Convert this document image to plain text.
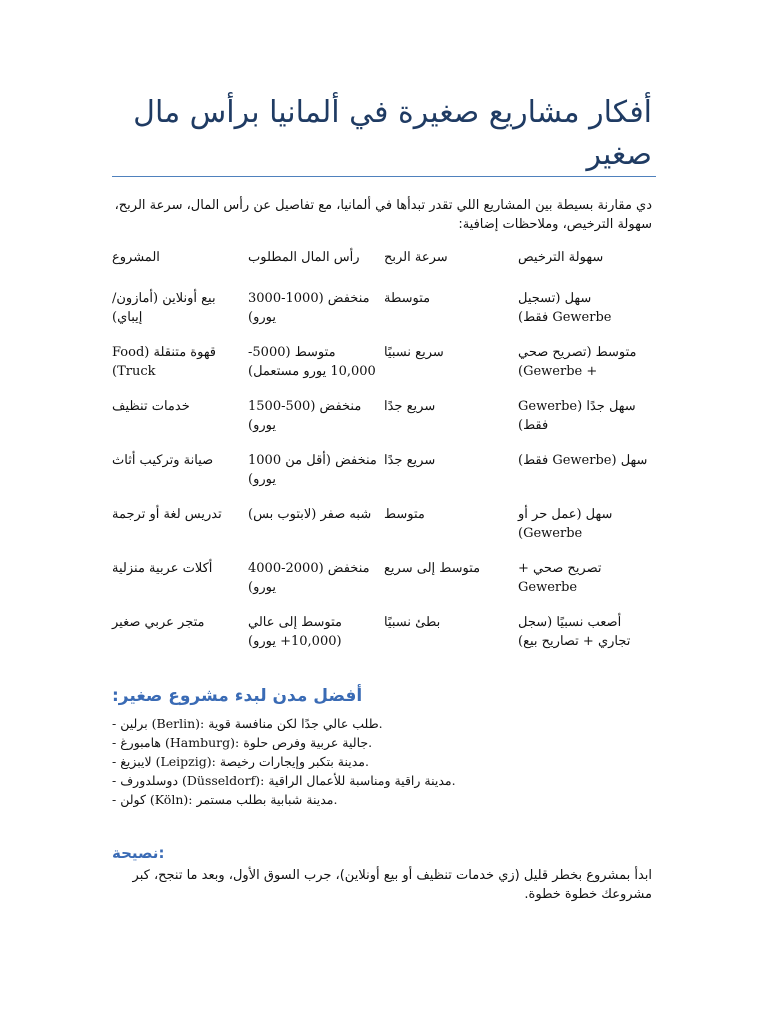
أفكار مشاريع صغيرة في ألمانيا برأس مال صغير

دي مقارنة بسيطة بين المشاريع اللي تقدر تبدأها في ألمانيا، مع تفاصيل عن رأس المال، سرعة الربح، سهولة الترخيص، وملاحظات إضافية:

المشروع	رأس المال المطلوب	سرعة الربح	سهولة الترخيص
بيع أونلاين (أمازون/إيباي)	منخفض (1000-3000 يورو)	متوسطة	سهل (تسجيل Gewerbe فقط)
قهوة متنقلة (Food Truck)	متوسط (5000-10,000 يورو مستعمل)	سريع نسبيًا	متوسط (تصريح صحي + Gewerbe)
خدمات تنظيف	منخفض (500-1500 يورو)	سريع جدًا	سهل جدًا (Gewerbe فقط)
صيانة وتركيب أثاث	منخفض (أقل من 1000 يورو)	سريع جدًا	سهل (Gewerbe فقط)
تدريس لغة أو ترجمة	شبه صفر (لابتوب بس)	متوسط	سهل (عمل حر أو Gewerbe)
أكلات عربية منزلية	منخفض (2000-4000 يورو)	متوسط إلى سريع	تصريح صحي + Gewerbe
متجر عربي صغير	متوسط إلى عالي (10,000+ يورو)	بطئ نسبيًا	أصعب نسبيًا (سجل تجاري + تصاريح بيع)
أفضل مدن لبدء مشروع صغير:
- برلين (Berlin): طلب عالي جدًا لكن منافسة قوية.
- هامبورغ (Hamburg): جالية عربية وفرص حلوة.
- لايبزيغ (Leipzig): مدينة بتكبر وإيجارات رخيصة.
- دوسلدورف (Düsseldorf): مدينة راقية ومناسبة للأعمال الراقية.
- كولن (Köln): مدينة شبابية بطلب مستمر.
نصيحة:

ابدأ بمشروع بخطر قليل (زي خدمات تنظيف أو بيع أونلاين)، جرب السوق الأول، وبعد ما تنجح، كبر مشروعك خطوة خطوة.
